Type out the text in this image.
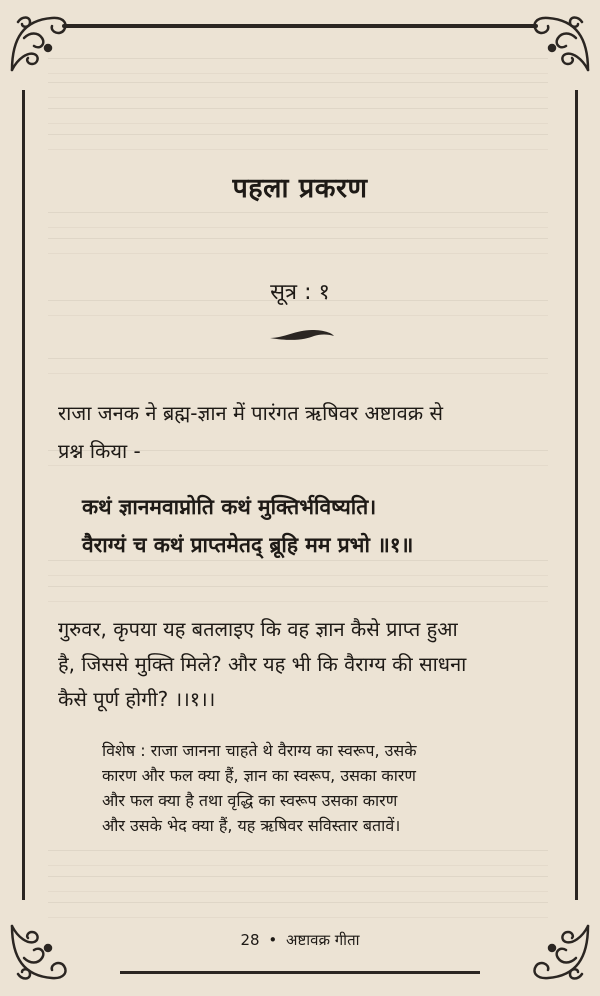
पहला प्रकरण
सूत्र : १

राजा जनक ने ब्रह्म-ज्ञान में पारंगत ऋषिवर अष्टावक्र से

प्रश्न किया -

कथं ज्ञानमवाप्नोति कथं मुक्तिर्भविष्यति।

वैराग्यं च कथं प्राप्तमेतद् ब्रूहि मम प्रभो ॥१॥

गुरुवर, कृपया यह बतलाइए कि वह ज्ञान कैसे प्राप्त हुआ

है, जिससे मुक्ति मिले? और यह भी कि वैराग्य की साधना

कैसे पूर्ण होगी? ।।१।।

विशेष : राजा जानना चाहते थे वैराग्य का स्वरूप, उसके

कारण और फल क्या हैं, ज्ञान का स्वरूप, उसका कारण

और फल क्या है तथा वृद्धि का स्वरूप उसका कारण

और उसके भेद क्या हैं, यह ऋषिवर सविस्तार बतावें।

28 • अष्टावक्र गीता
